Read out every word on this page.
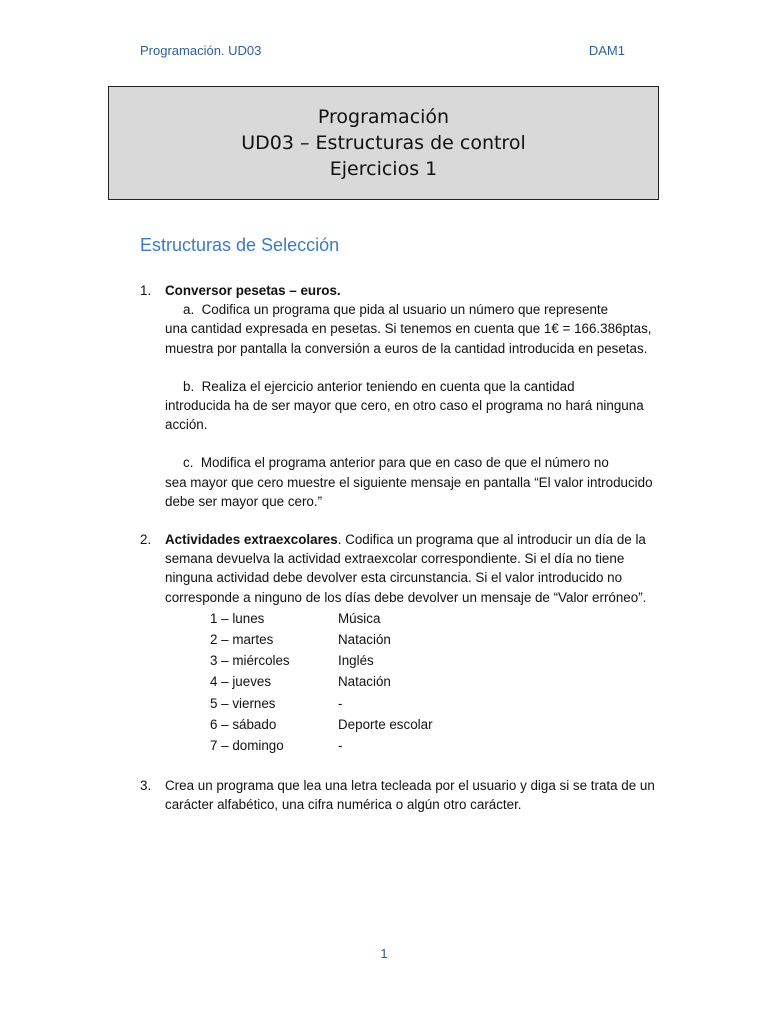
Programación. UD03	DAM1
Programación
UD03 – Estructuras de control
Ejercicios 1
Estructuras de Selección
1. Conversor pesetas – euros.
a. Codifica un programa que pida al usuario un número que represente
una cantidad expresada en pesetas. Si tenemos en cuenta que 1€ = 166.386ptas, muestra por pantalla la conversión a euros de la cantidad introducida en pesetas.
b. Realiza el ejercicio anterior teniendo en cuenta que la cantidad
introducida ha de ser mayor que cero, en otro caso el programa no hará ninguna acción.
c. Modifica el programa anterior para que en caso de que el número no
sea mayor que cero muestre el siguiente mensaje en pantalla “El valor introducido debe ser mayor que cero.”
2. Actividades extraexcolares. Codifica un programa que al introducir un día de la semana devuelva la actividad extraexcolar correspondiente. Si el día no tiene ninguna actividad debe devolver esta circunstancia. Si el valor introducido no corresponde a ninguno de los días debe devolver un mensaje de “Valor erróneo”.
1 – lunes	Música
2 – martes	Natación
3 – miércoles	Inglés
4 – jueves	Natación
5 – viernes	-
6 – sábado	Deporte escolar
7 – domingo	-
3. Crea un programa que lea una letra tecleada por el usuario y diga si se trata de un carácter alfabético, una cifra numérica o algún otro carácter.
1
